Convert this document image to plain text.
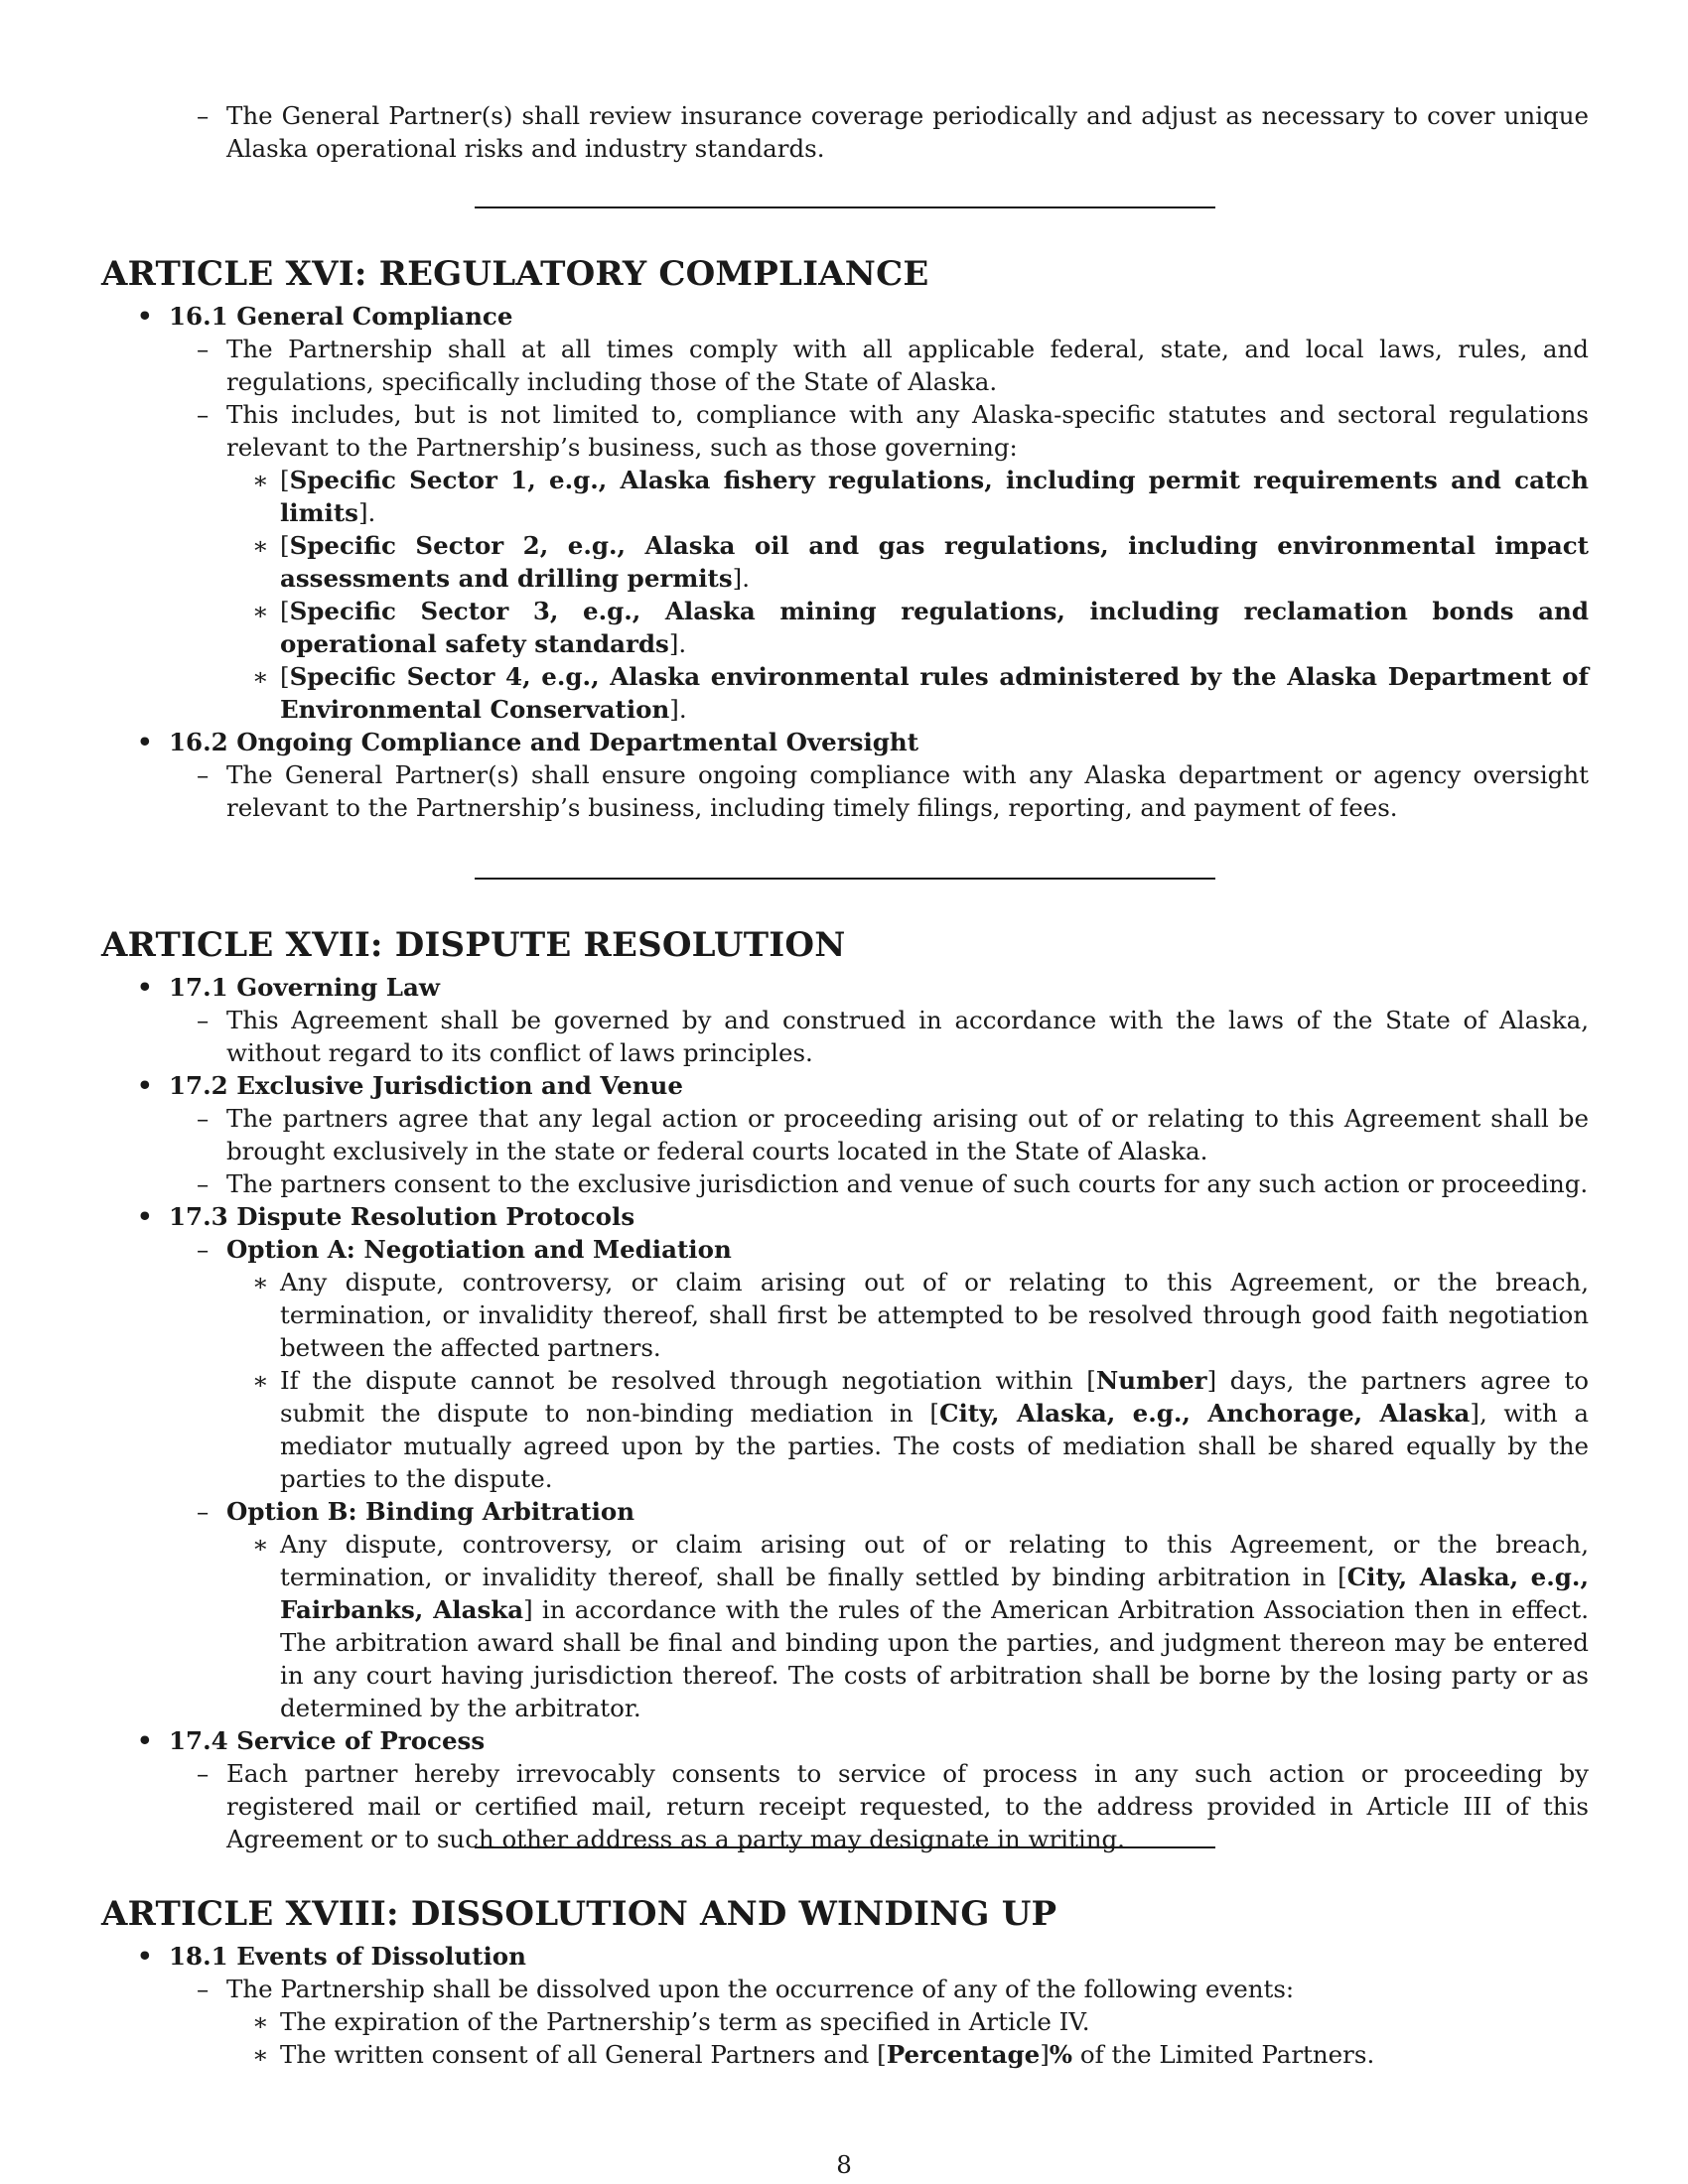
– The General Partner(s) shall review insurance coverage periodically and adjust as necessary to cover unique Alaska operational risks and industry standards.

ARTICLE XVI: REGULATORY COMPLIANCE

• 16.1 General Compliance

– The Partnership shall at all times comply with all applicable federal, state, and local laws, rules, and regulations, specifically including those of the State of Alaska.

– This includes, but is not limited to, compliance with any Alaska-specific statutes and sectoral regulations relevant to the Partnership’s business, such as those governing:

∗ [Specific Sector 1, e.g., Alaska fishery regulations, including permit requirements and catch limits].

∗ [Specific Sector 2, e.g., Alaska oil and gas regulations, including environmental impact assessments and drilling permits].

∗ [Specific Sector 3, e.g., Alaska mining regulations, including reclamation bonds and operational safety standards].

∗ [Specific Sector 4, e.g., Alaska environmental rules administered by the Alaska Department of Environmental Conservation].

• 16.2 Ongoing Compliance and Departmental Oversight

– The General Partner(s) shall ensure ongoing compliance with any Alaska department or agency oversight relevant to the Partnership’s business, including timely filings, reporting, and payment of fees.

ARTICLE XVII: DISPUTE RESOLUTION

• 17.1 Governing Law

– This Agreement shall be governed by and construed in accordance with the laws of the State of Alaska, without regard to its conflict of laws principles.

• 17.2 Exclusive Jurisdiction and Venue

– The partners agree that any legal action or proceeding arising out of or relating to this Agreement shall be brought exclusively in the state or federal courts located in the State of Alaska.

– The partners consent to the exclusive jurisdiction and venue of such courts for any such action or proceeding.

• 17.3 Dispute Resolution Protocols

– Option A: Negotiation and Mediation

∗ Any dispute, controversy, or claim arising out of or relating to this Agreement, or the breach, termination, or invalidity thereof, shall first be attempted to be resolved through good faith negotiation between the affected partners.

∗ If the dispute cannot be resolved through negotiation within [Number] days, the partners agree to submit the dispute to non-binding mediation in [City, Alaska, e.g., Anchorage, Alaska], with a mediator mutually agreed upon by the parties. The costs of mediation shall be shared equally by the parties to the dispute.

– Option B: Binding Arbitration

∗ Any dispute, controversy, or claim arising out of or relating to this Agreement, or the breach, termination, or invalidity thereof, shall be finally settled by binding arbitration in [City, Alaska, e.g., Fairbanks, Alaska] in accordance with the rules of the American Arbitration Association then in effect. The arbitration award shall be final and binding upon the parties, and judgment thereon may be entered in any court having jurisdiction thereof. The costs of arbitration shall be borne by the losing party or as determined by the arbitrator.

• 17.4 Service of Process

– Each partner hereby irrevocably consents to service of process in any such action or proceeding by registered mail or certified mail, return receipt requested, to the address provided in Article III of this Agreement or to such other address as a party may designate in writing.

ARTICLE XVIII: DISSOLUTION AND WINDING UP

• 18.1 Events of Dissolution

– The Partnership shall be dissolved upon the occurrence of any of the following events:

∗ The expiration of the Partnership’s term as specified in Article IV.

∗ The written consent of all General Partners and [Percentage]% of the Limited Partners.

8
